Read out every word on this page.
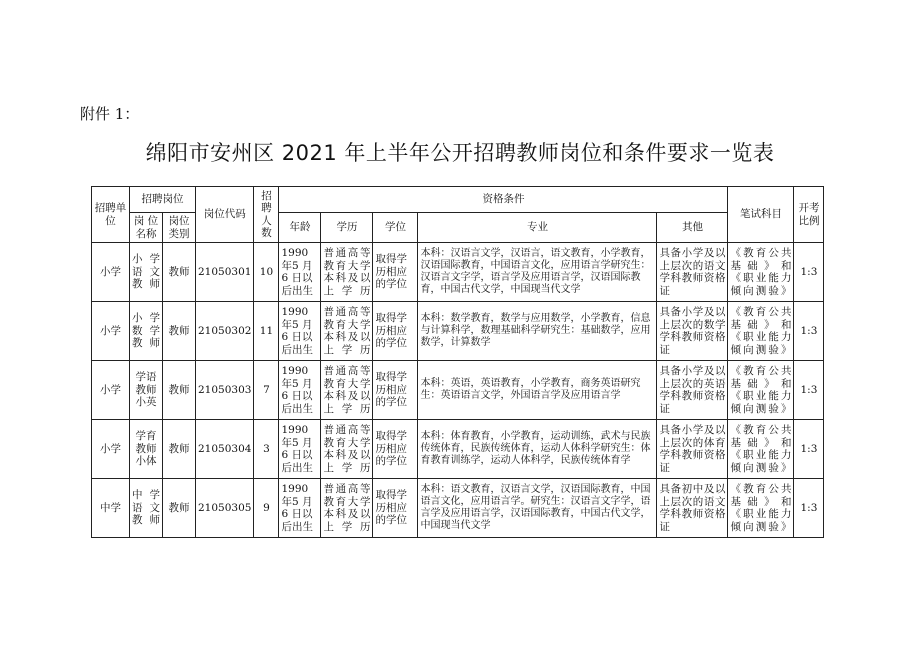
附件 1：
绵阳市安州区 2021 年上半年公开招聘教师岗位和条件要求一览表
招聘单位	招聘岗位		岗位代码	招聘人数	资格条件					笔试科目	开考比例
	岗 位名称	岗位类别			年龄	学历	学位	专业	其他		
小学	小 学语文教师	教师	21050301	10	1990 年5 月 6 日以后出生	普通高等教育大学本科及以上学历	取得学历相应的学位	本科：汉语言文学，汉语言，语文教育，小学教育，汉语国际教育，中国语言文化，应用语言学研究生：汉语言文字学，语言学及应用语言学，汉语国际教育，中国古代文学，中国现当代文学	具备小学及以上层次的语文学科教师资格证	《教育公共基础》和《职业能力倾向测验》	1:3
小学	小 学数 学教师	教师	21050302	11	1990 年5 月 6 日以后出生	普通高等教育大学本科及以上学历	取得学历相应的学位	本科：数学教育，数学与应用数学，小学教育，信息与计算科学，数理基础科学研究生：基础数学，应用数学，计算数学	具备小学及以上层次的数学学科教师资格证	《教育公共基础》和《职业能力倾向测验》	1:3
小学	学语教师小英	教师	21050303	7	1990 年5 月 6 日以后出生	普通高等教育大学本科及以上学历	取得学历相应的学位	本科：英语，英语教育，小学教育，商务英语研究生：英语语言文学，外国语言学及应用语言学	具备小学及以上层次的英语学科教师资格证	《教育公共基础》和《职业能力倾向测验》	1:3
小学	学育教师小体	教师	21050304	3	1990 年5 月 6 日以后出生	普通高等教育大学本科及以上学历	取得学历相应的学位	本科：体育教育，小学教育，运动训练，武术与民族传统体育，民族传统体育，运动人体科学研究生：体育教育训练学，运动人体科学，民族传统体育学	具备小学及以上层次的体育学科教师资格证	《教育公共基础》和《职业能力倾向测验》	1:3
中学	中 学语 文教师	教师	21050305	9	1990 年5 月 6 日以后出生	普通高等教育大学本科及以上学历	取得学历相应的学位	本科：语文教育，汉语言文学，汉语国际教育，中国语言文化，应用语言学。研究生：汉语言文字学，语言学及应用语言学，汉语国际教育，中国古代文学，中国现当代文学	具备初中及以上层次的语文学科教师资格证	《教育公共基础》和《职业能力倾向测验》	1:3
